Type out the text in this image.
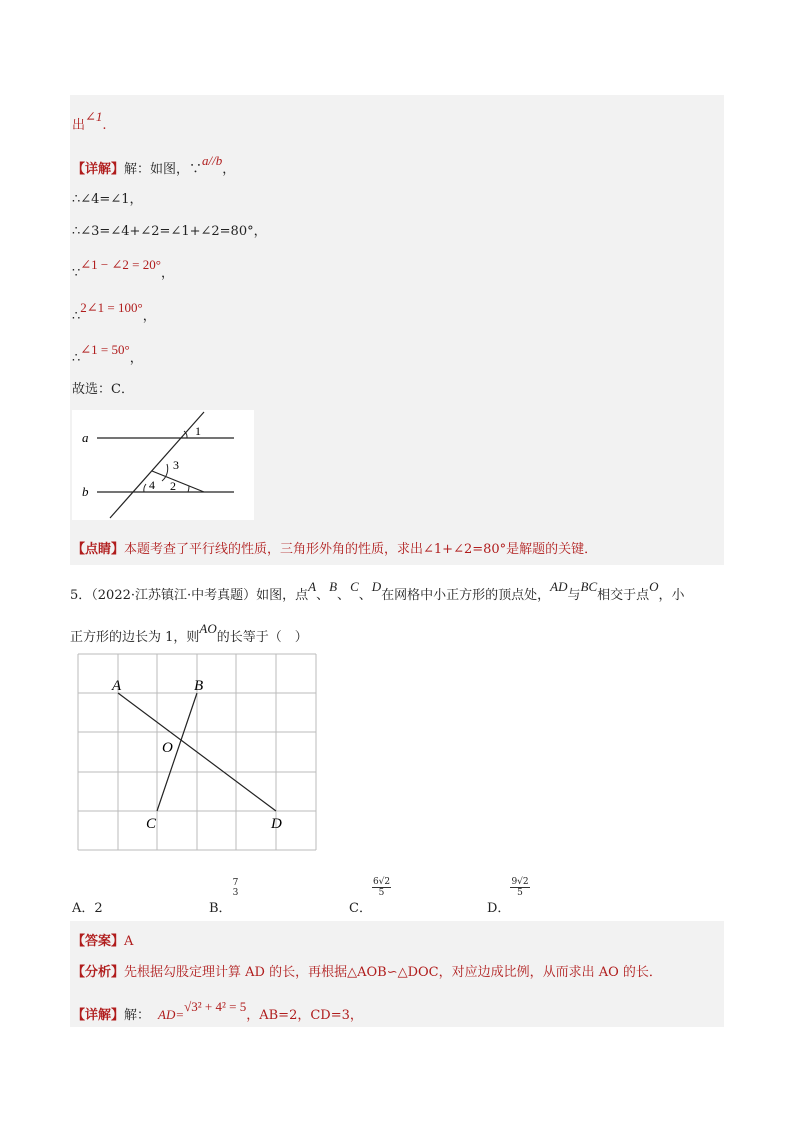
出∠1.
【详解】解：如图，∵a//b，
∴∠4=∠1，
∴∠3=∠4+∠2=∠1+∠2=80°，
∵∠1 − ∠2 = 20°，
∴2∠1 = 100°，
∴∠1 = 50°，
故选：C．
a
b
1
3
4 2
【点睛】本题考查了平行线的性质，三角形外角的性质，求出∠1+∠2=80°是解题的关键．
5．（2022·江苏镇江·中考真题）如图，点A、B、C、D在网格中小正方形的顶点处，AD与BC相交于点O，小
正方形的边长为 1，则AO的长等于（　）
A	B
O
C	D
A．2	B．
7
3
C．
$\frac{6√2}{5}$
D．
$\frac{9√2}{5}$
【答案】A
【分析】先根据勾股定理计算 AD 的长，再根据△AOB∽△DOC，对应边成比例，从而求出 AO 的长．
【详解】解： AD=√3² + 4² = 5，AB=2，CD=3，
